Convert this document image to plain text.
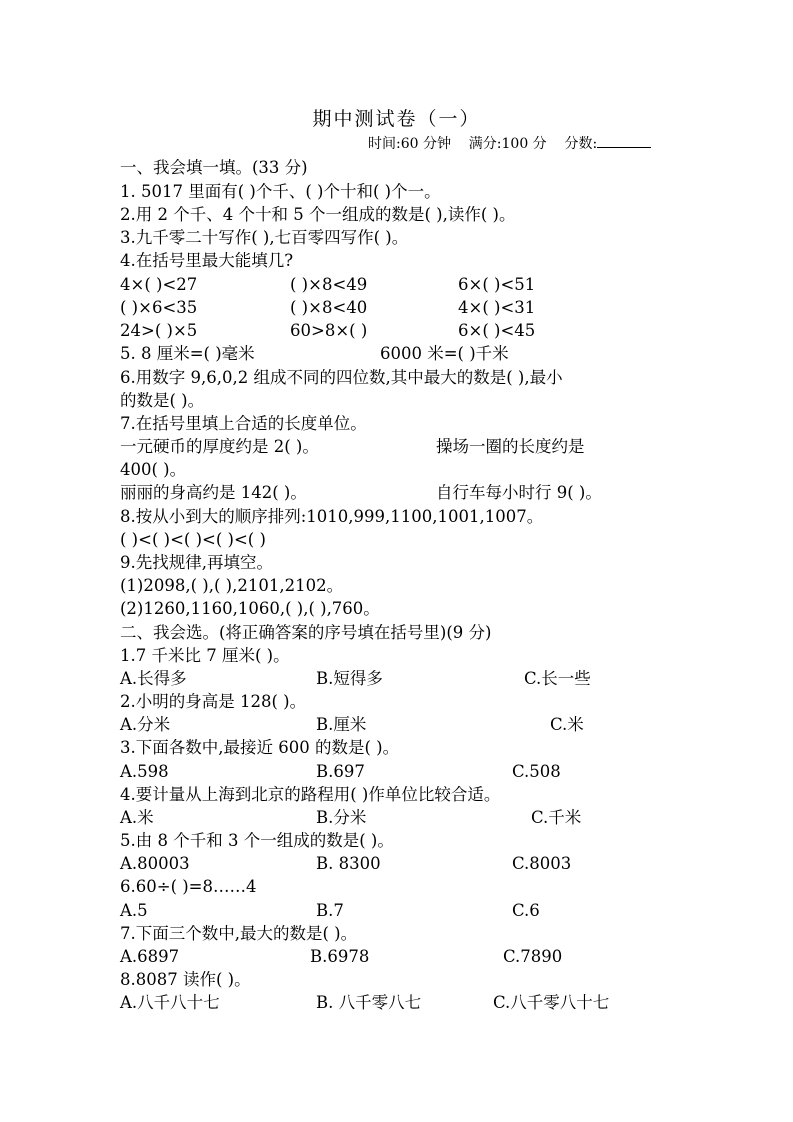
期中测试卷（一）
时间:60 分钟 满分:100 分 分数:
一、我会填一填。(33 分)
1. 5017 里面有( )个千、( )个十和( )个一。
2.用 2 个千、4 个十和 5 个一组成的数是( ),读作( )。
3.九千零二十写作( ),七百零四写作( )。
4.在括号里最大能填几?
4×( )<27	( )×8<49	6×( )<51
( )×6<35	( )×8<40	4×( )<31
24>( )×5	60>8×( )	6×( )<45
5. 8 厘米=( )毫米	6000 米=( )千米
6.用数字 9,6,0,2 组成不同的四位数,其中最大的数是( ),最小
的数是( )。
7.在括号里填上合适的长度单位。
一元硬币的厚度约是 2( )。	操场一圈的长度约是
400( )。
丽丽的身高约是 142( )。	自行车每小时行 9( )。
8.按从小到大的顺序排列:1010,999,1100,1001,1007。
( )<( )<( )<( )<( )
9.先找规律,再填空。
(1)2098,( ),( ),2101,2102。
(2)1260,1160,1060,( ),( ),760。
二、我会选。(将正确答案的序号填在括号里)(9 分)
1.7 千米比 7 厘米( )。
A.长得多	B.短得多	C.长一些
2.小明的身高是 128( )。
A.分米	B.厘米	C.米
3.下面各数中,最接近 600 的数是( )。
A.598	B.697	C.508
4.要计量从上海到北京的路程用( )作单位比较合适。
A.米	B.分米	C.千米
5.由 8 个千和 3 个一组成的数是( )。
A.80003	B. 8300	C.8003
6.60÷( )=8……4
A.5	B.7	C.6
7.下面三个数中,最大的数是( )。
A.6897	B.6978	C.7890
8.8087 读作( )。
A.八千八十七	B. 八千零八七	C.八千零八十七
